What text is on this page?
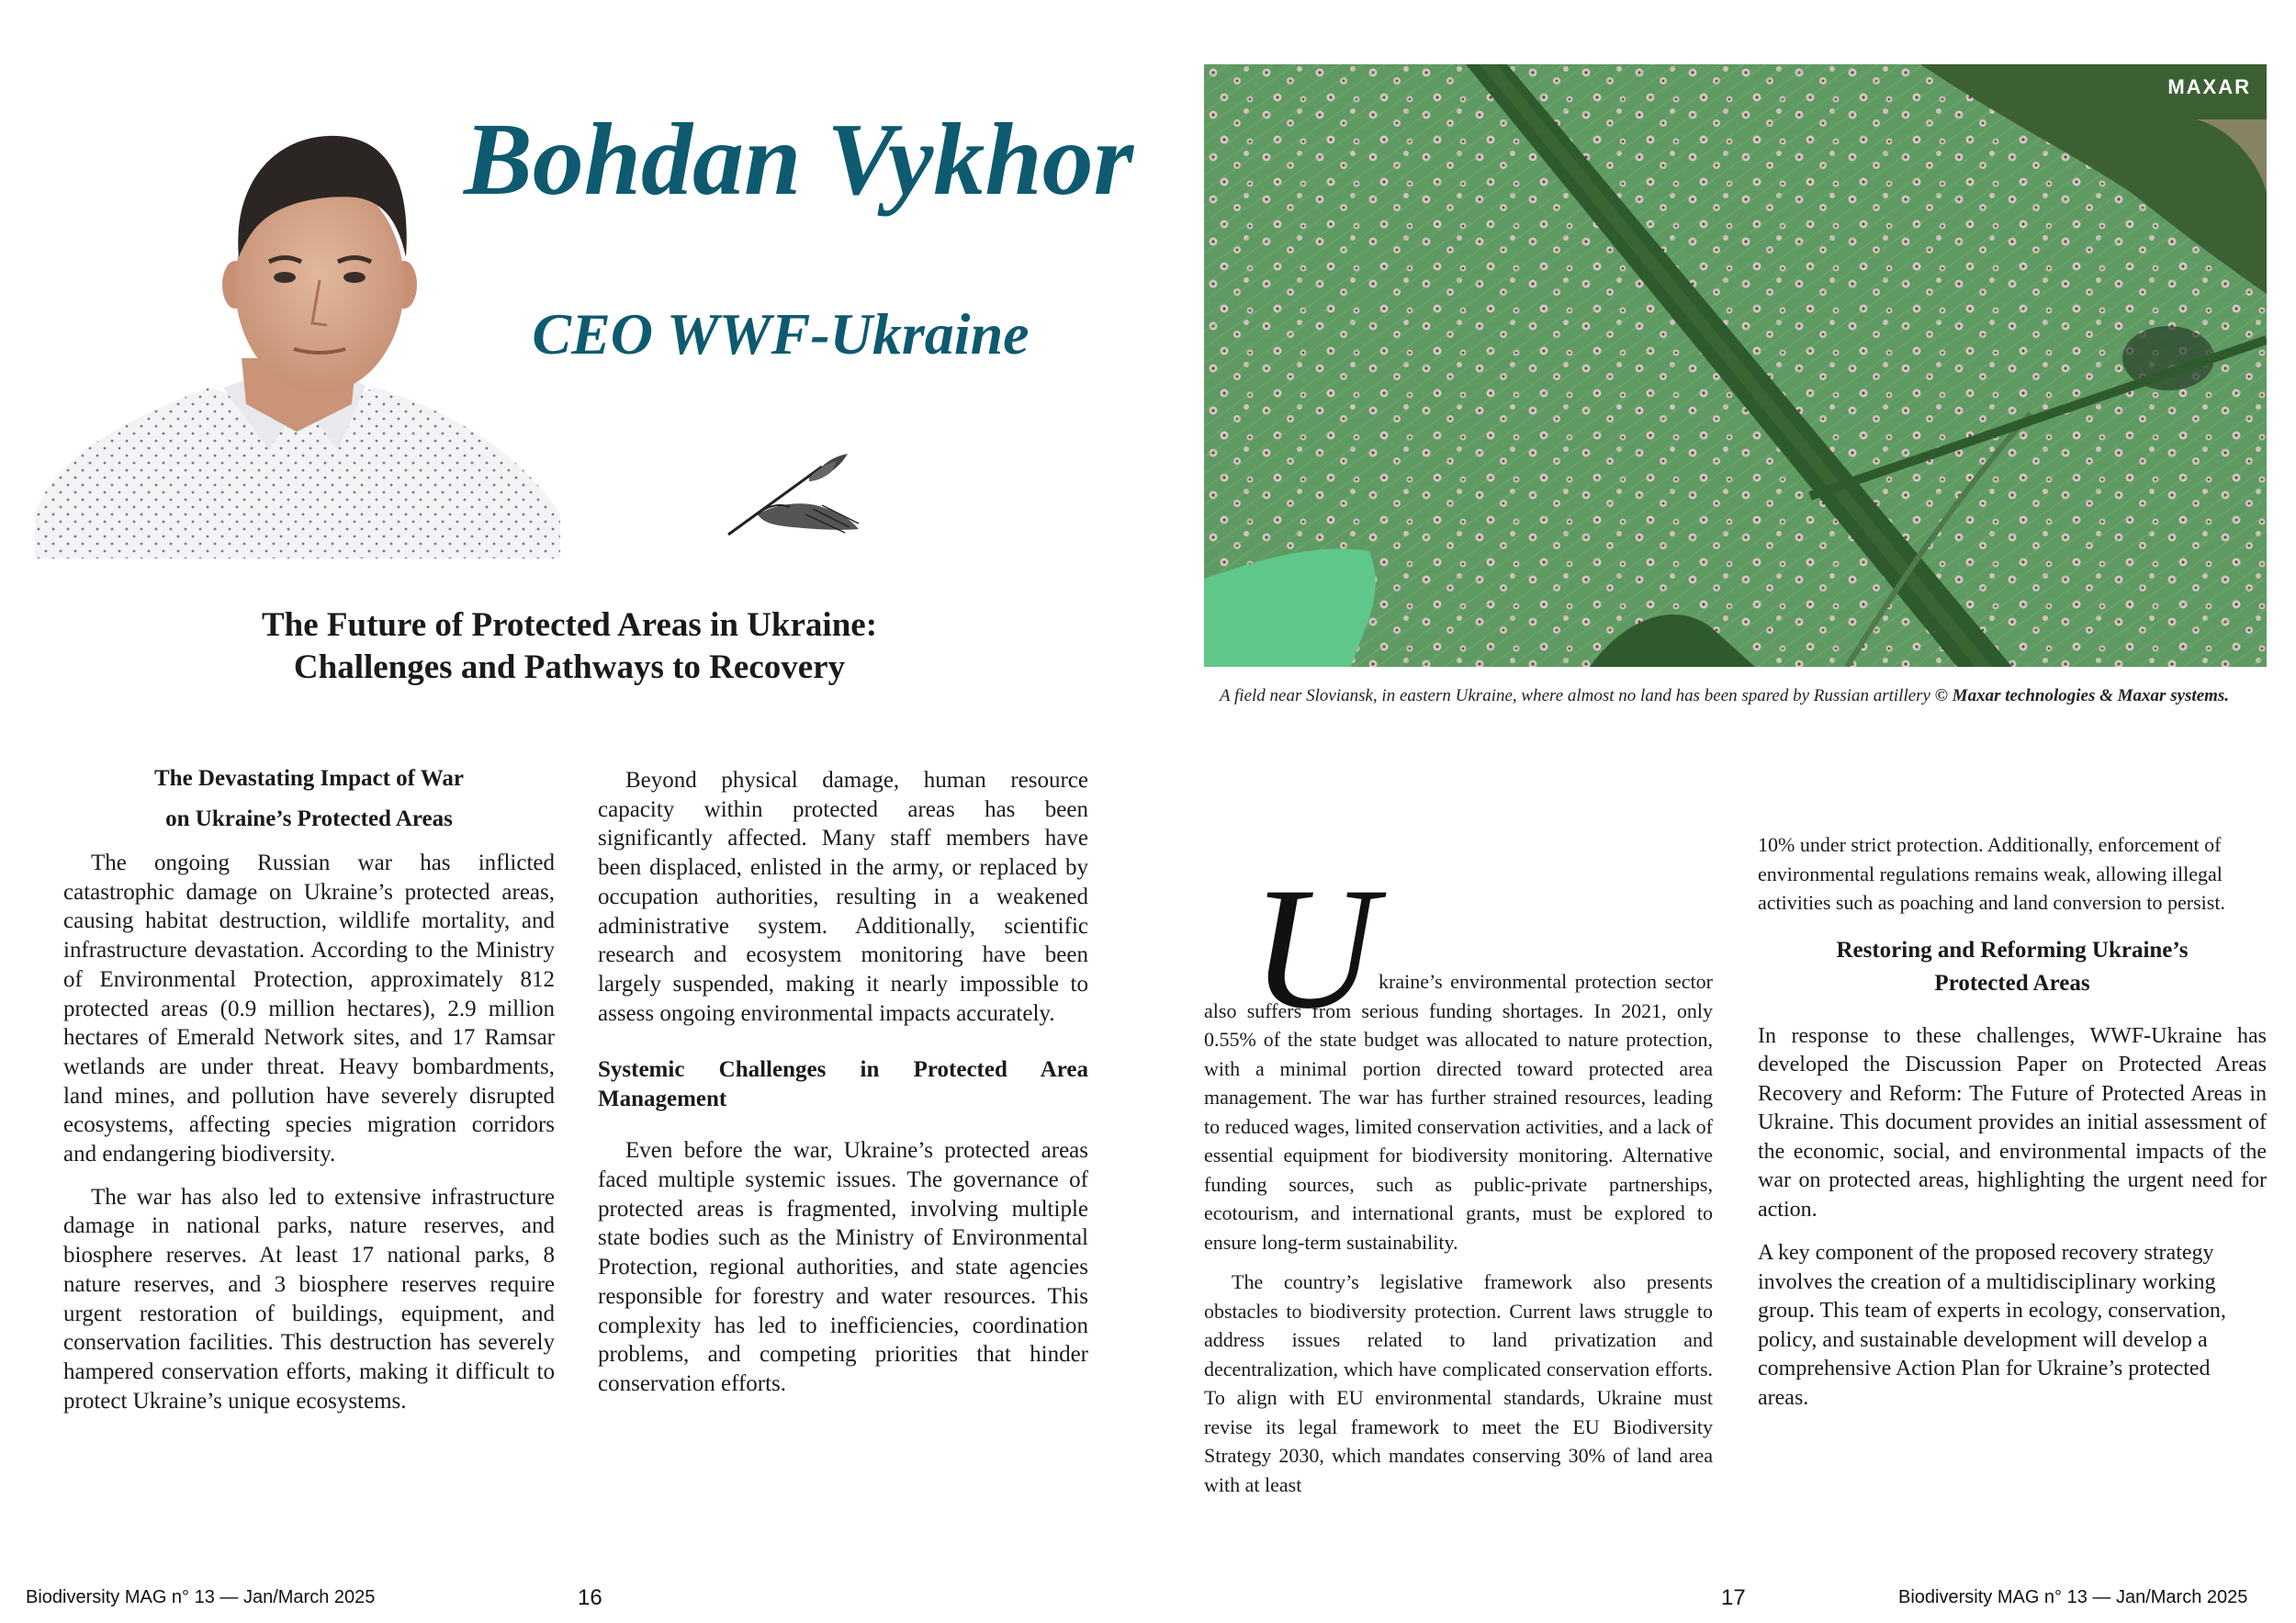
Bohdan Vykhor
CEO WWF-Ukraine
The Future of Protected Areas in Ukraine:
Challenges and Pathways to Recovery
The Devastating Impact of War
on Ukraine’s Protected Areas

The ongoing Russian war has inflicted catastrophic damage on Ukraine’s protected areas, causing habitat destruction, wildlife mortality, and infrastructure devastation. According to the Ministry of Environmental Protection, approximately 812 protected areas (0.9 million hectares), 2.9 million hectares of Emerald Network sites, and 17 Ramsar wetlands are under threat. Heavy bombardments, land mines, and pollution have severely disrupted ecosystems, affecting species migration corridors and endangering biodiversity.

The war has also led to extensive infrastructure damage in national parks, nature reserves, and biosphere reserves. At least 17 national parks, 8 nature reserves, and 3 biosphere reserves require urgent restoration of buildings, equipment, and conservation facilities. This destruction has severely hampered conservation efforts, making it difficult to protect Ukraine’s unique ecosystems.

Beyond physical damage, human resource capacity within protected areas has been significantly affected. Many staff members have been displaced, enlisted in the army, or replaced by occupation authorities, resulting in a weakened administrative system. Additionally, scientific research and ecosystem monitoring have been largely suspended, making it nearly impossible to assess ongoing environmental impacts accurately.

Systemic Challenges in Protected Area Management

Even before the war, Ukraine’s protected areas faced multiple systemic issues. The governance of protected areas is fragmented, involving multiple state bodies such as the Ministry of Environmental Protection, regional authorities, and state agencies responsible for forestry and water resources. This complexity has led to inefficiencies, coordination problems, and competing priorities that hinder conservation efforts.

Biodiversity MAG n° 13 — Jan/March 2025	16
MAXAR
A field near Sloviansk, in eastern Ukraine, where almost no land has been spared by Russian artillery © Maxar technologies & Maxar systems.
U kraine’s environmental protection sector also suffers from serious funding shortages. In 2021, only 0.55% of the state budget was allocated to nature protection, with a minimal portion directed toward protected area management. The war has further strained resources, leading to reduced wages, limited conservation activities, and a lack of essential equipment for biodiversity monitoring. Alternative funding sources, such as public-private partnerships, ecotourism, and international grants, must be explored to ensure long-term sustainability.

The country’s legislative framework also presents obstacles to biodiversity protection. Current laws struggle to address issues related to land privatization and decentralization, which have complicated conservation efforts. To align with EU environmental standards, Ukraine must revise its legal framework to meet the EU Biodiversity Strategy 2030, which mandates conserving 30% of land area with at least

10% under strict protection. Additionally, enforcement of environmental regulations remains weak, allowing illegal activities such as poaching and land conversion to persist.

Restoring and Reforming Ukraine’s
Protected Areas

In response to these challenges, WWF-Ukraine has developed the Discussion Paper on Protected Areas Recovery and Reform: The Future of Protected Areas in Ukraine. This document provides an initial assessment of the economic, social, and environmental impacts of the war on protected areas, highlighting the urgent need for action.

A key component of the proposed recovery strategy involves the creation of a multidisciplinary working group. This team of experts in ecology, conservation, policy, and sustainable development will develop a comprehensive Action Plan for Ukraine’s protected areas.

17	Biodiversity MAG n° 13 — Jan/March 2025
